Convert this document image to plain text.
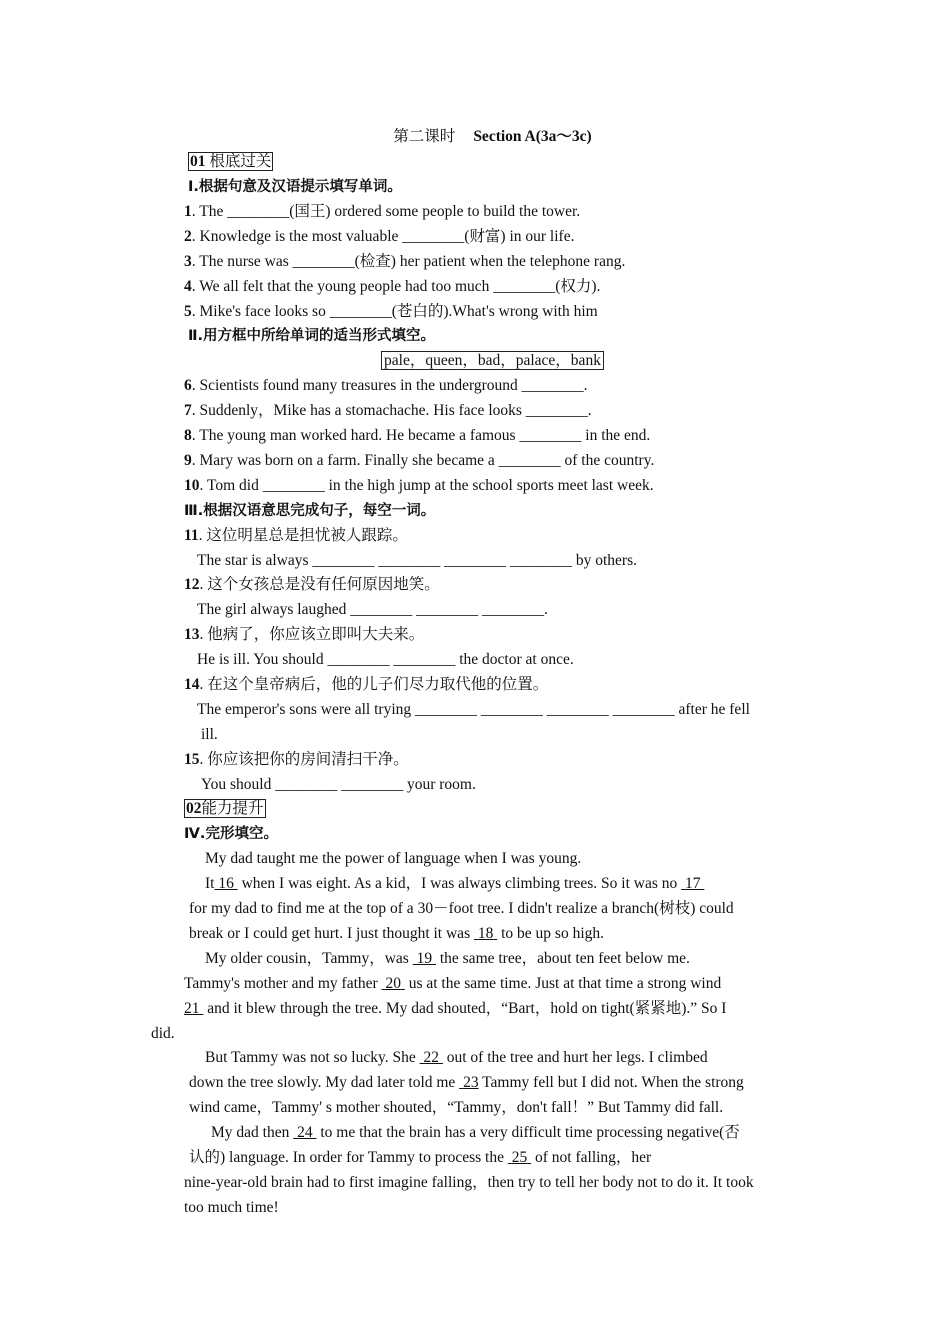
第二课时 Section A(3a～3c)
01 根底过关
Ⅰ.根据句意及汉语提示填写单词。
1. The ________(国王) ordered some people to build the tower.
2. Knowledge is the most valuable ________(财富) in our life.
3. The nurse was ________(检查) her patient when the telephone rang.
4. We all felt that the young people had too much ________(权力).
5. Mike's face looks so ________(苍白的).What's wrong with him
Ⅱ.用方框中所给单词的适当形式填空。
pale，queen，bad，palace，bank
6. Scientists found many treasures in the underground ________.
7. Suddenly，Mike has a stomachache. His face looks ________.
8. The young man worked hard. He became a famous ________ in the end.
9. Mary was born on a farm. Finally she became a ________ of the country.
10. Tom did ________ in the high jump at the school sports meet last week.
Ⅲ.根据汉语意思完成句子，每空一词。
11. 这位明星总是担忧被人跟踪。
The star is always ________ ________ ________ ________ by others.
12. 这个女孩总是没有任何原因地笑。
The girl always laughed ________ ________ ________.
13. 他病了，你应该立即叫大夫来。
He is ill. You should ________ ________ the doctor at once.
14. 在这个皇帝病后，他的儿子们尽力取代他的位置。
The emperor's sons were all trying ________ ________ ________ ________ after he fell
ill.
15. 你应该把你的房间清扫干净。
You should ________ ________ your room.
02能力提升
Ⅳ.完形填空。
My dad taught me the power of language when I was young.
It 16  when I was eight. As a kid，I was always climbing trees. So it was no  17
for my dad to find me at the top of a 30－foot tree. I didn't realize a branch(树枝) could
break or I could get hurt. I just thought it was  18  to be up so high.
My older cousin，Tammy，was  19  the same tree，about ten feet below me.
Tammy's mother and my father  20  us at the same time. Just at that time a strong wind
21  and it blew through the tree. My dad shouted，“Bart，hold on tight(紧紧地).” So I
did.
But Tammy was not so lucky. She  22  out of the tree and hurt her legs. I climbed
down the tree slowly. My dad later told me  23 Tammy fell but I did not. When the strong
wind came，Tammy' s mother shouted，“Tammy，don't fall！” But Tammy did fall.
My dad then  24  to me that the brain has a very difficult time processing negative(否
认的) language. In order for Tammy to process the  25  of not falling，her
nine-year-old brain had to first imagine falling，then try to tell her body not to do it. It took
too much time!
